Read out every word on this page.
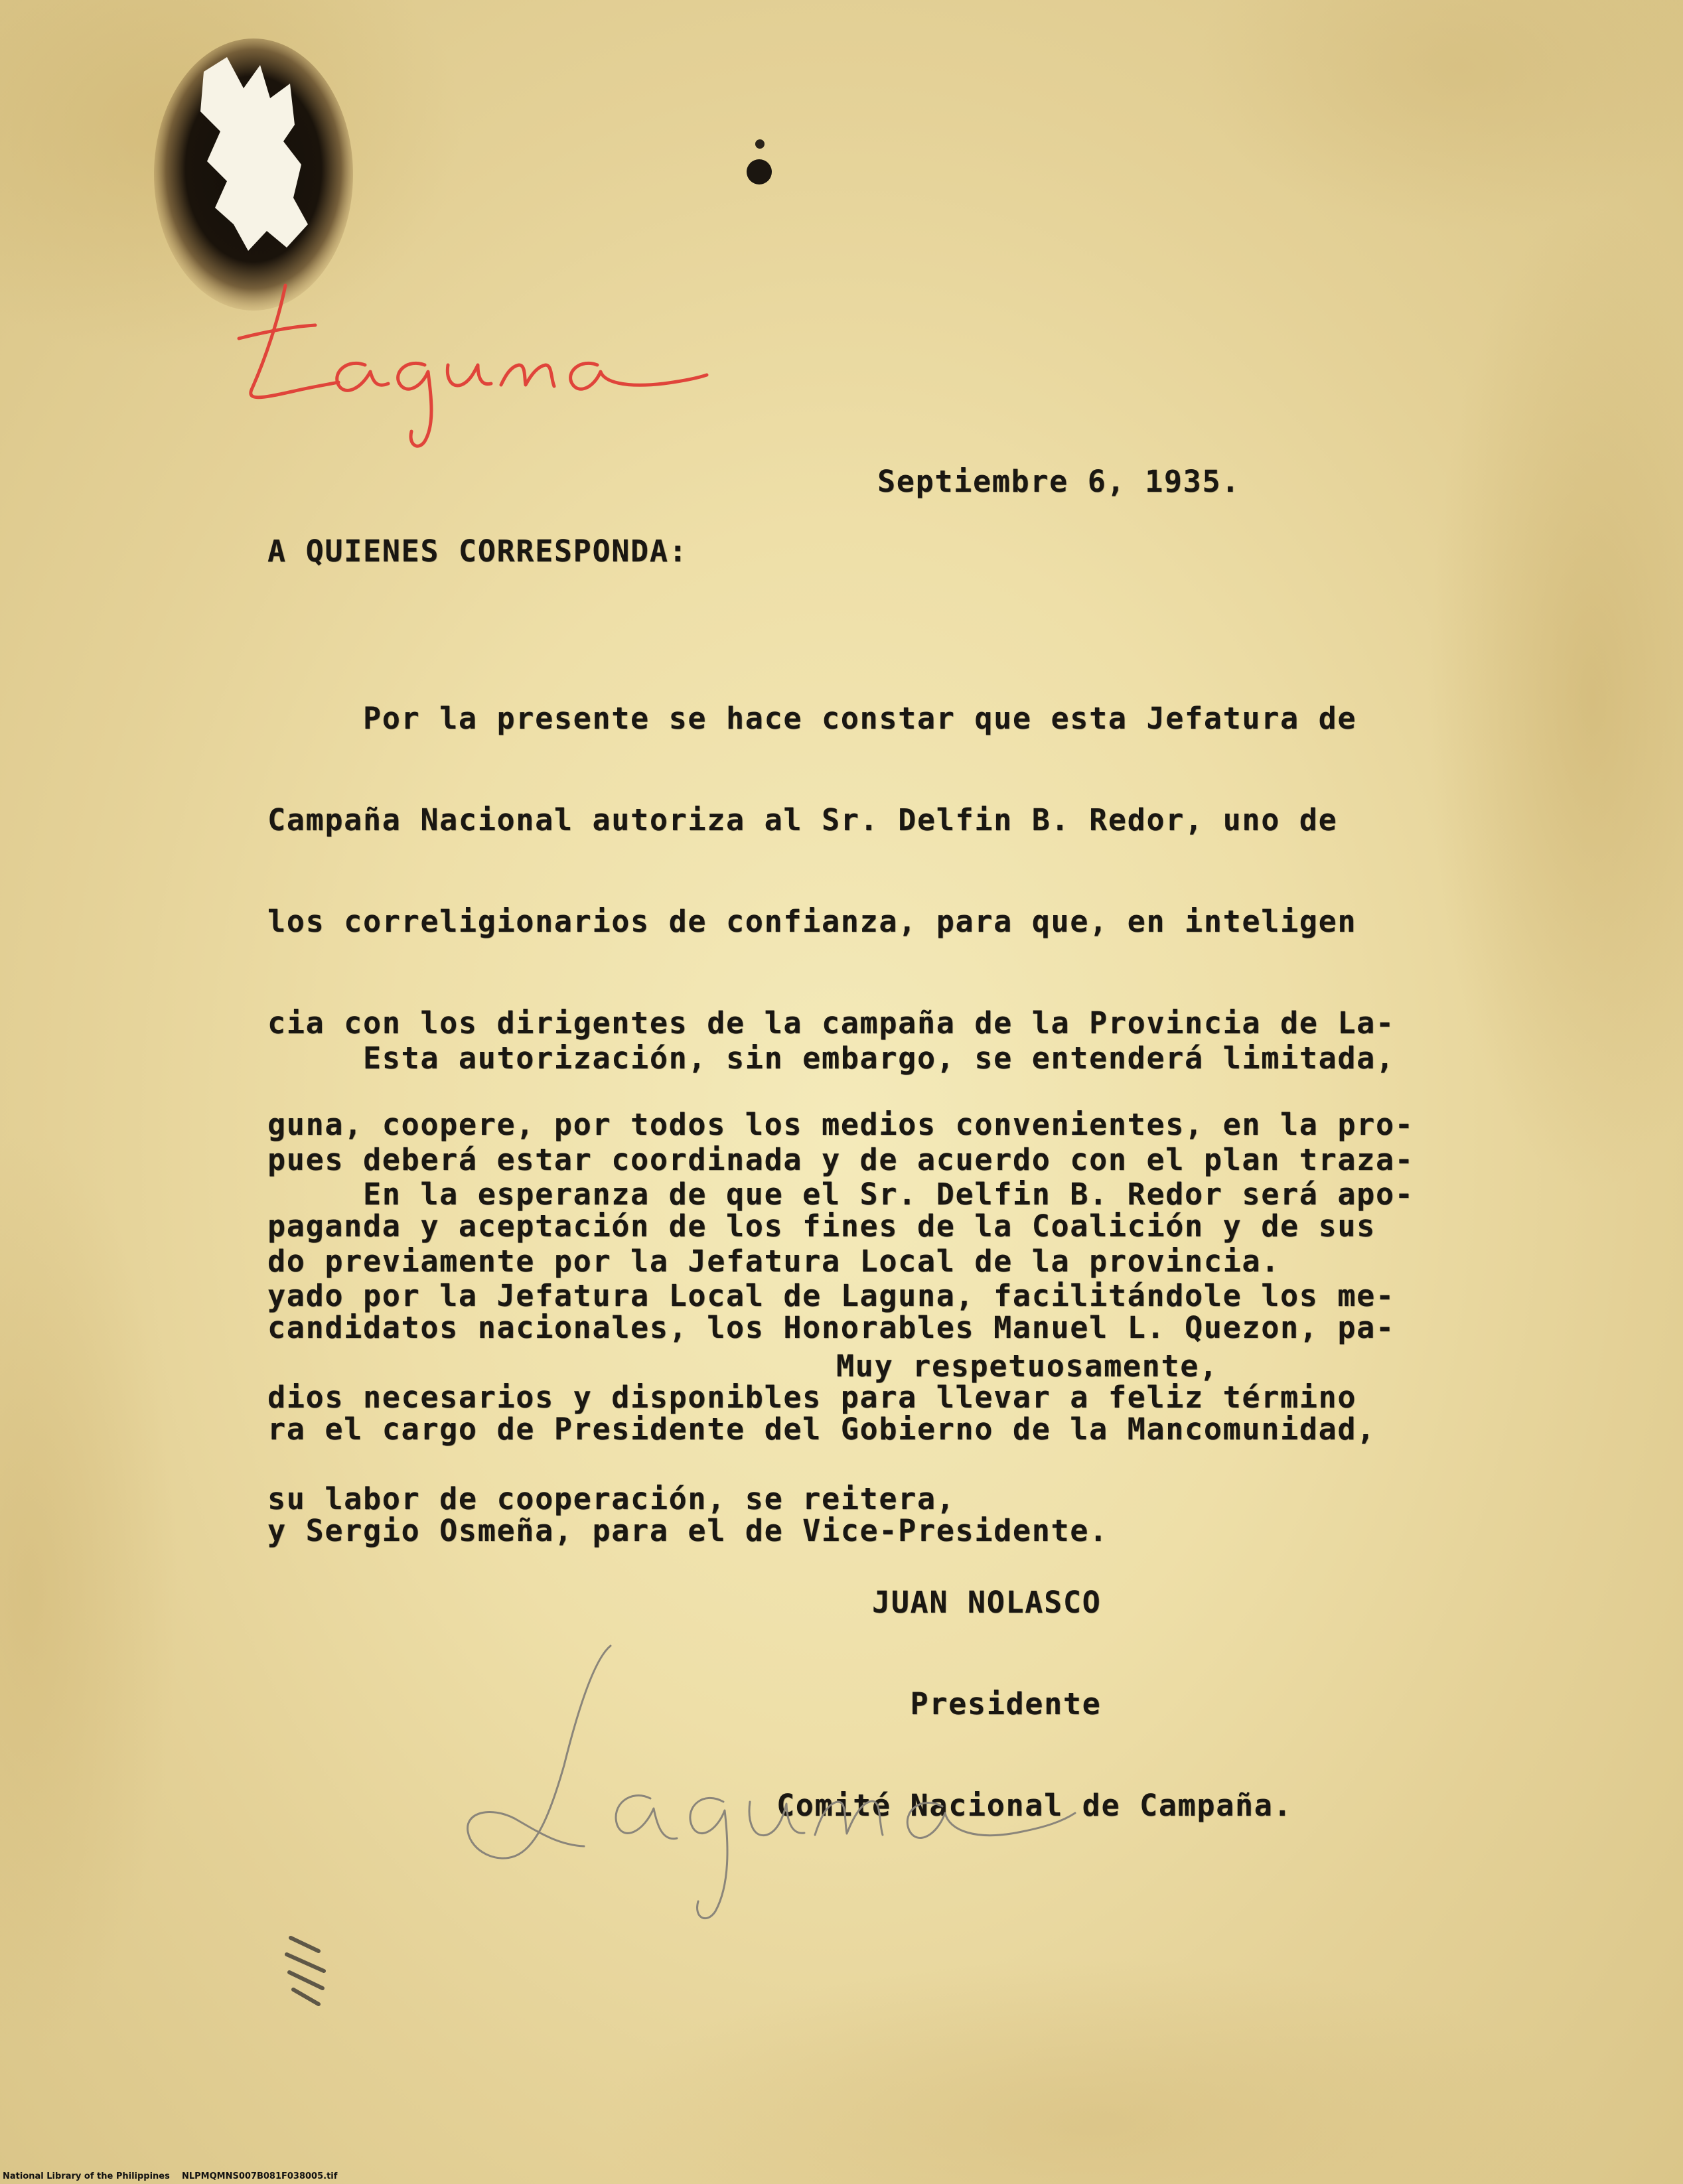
Septiembre 6, 1935.
A QUIENES CORRESPONDA:

Por la presente se hace constar que esta Jefatura de

Campaña Nacional autoriza al Sr. Delfin B. Redor, uno de

los correligionarios de confianza, para que, en inteligen

cia con los dirigentes de la campaña de la Provincia de La-

guna, coopere, por todos los medios convenientes, en la pro-

paganda y aceptación de los fines de la Coalición y de sus

candidatos nacionales, los Honorables Manuel L. Quezon, pa-

ra el cargo de Presidente del Gobierno de la Mancomunidad,

y Sergio Osmeña, para el de Vice-Presidente.

Esta autorización, sin embargo, se entenderá limitada,

pues deberá estar coordinada y de acuerdo con el plan traza-

do previamente por la Jefatura Local de la provincia.

En la esperanza de que el Sr. Delfin B. Redor será apo-

yado por la Jefatura Local de Laguna, facilitándole los me-

dios necesarios y disponibles para llevar a feliz término

su labor de cooperación, se reitera,

Muy respetuosamente,

JUAN NOLASCO

Presidente

Comité Nacional de Campaña.

Laguna
National Library of the Philippines    NLPMQMNS007B081F038005.tif
